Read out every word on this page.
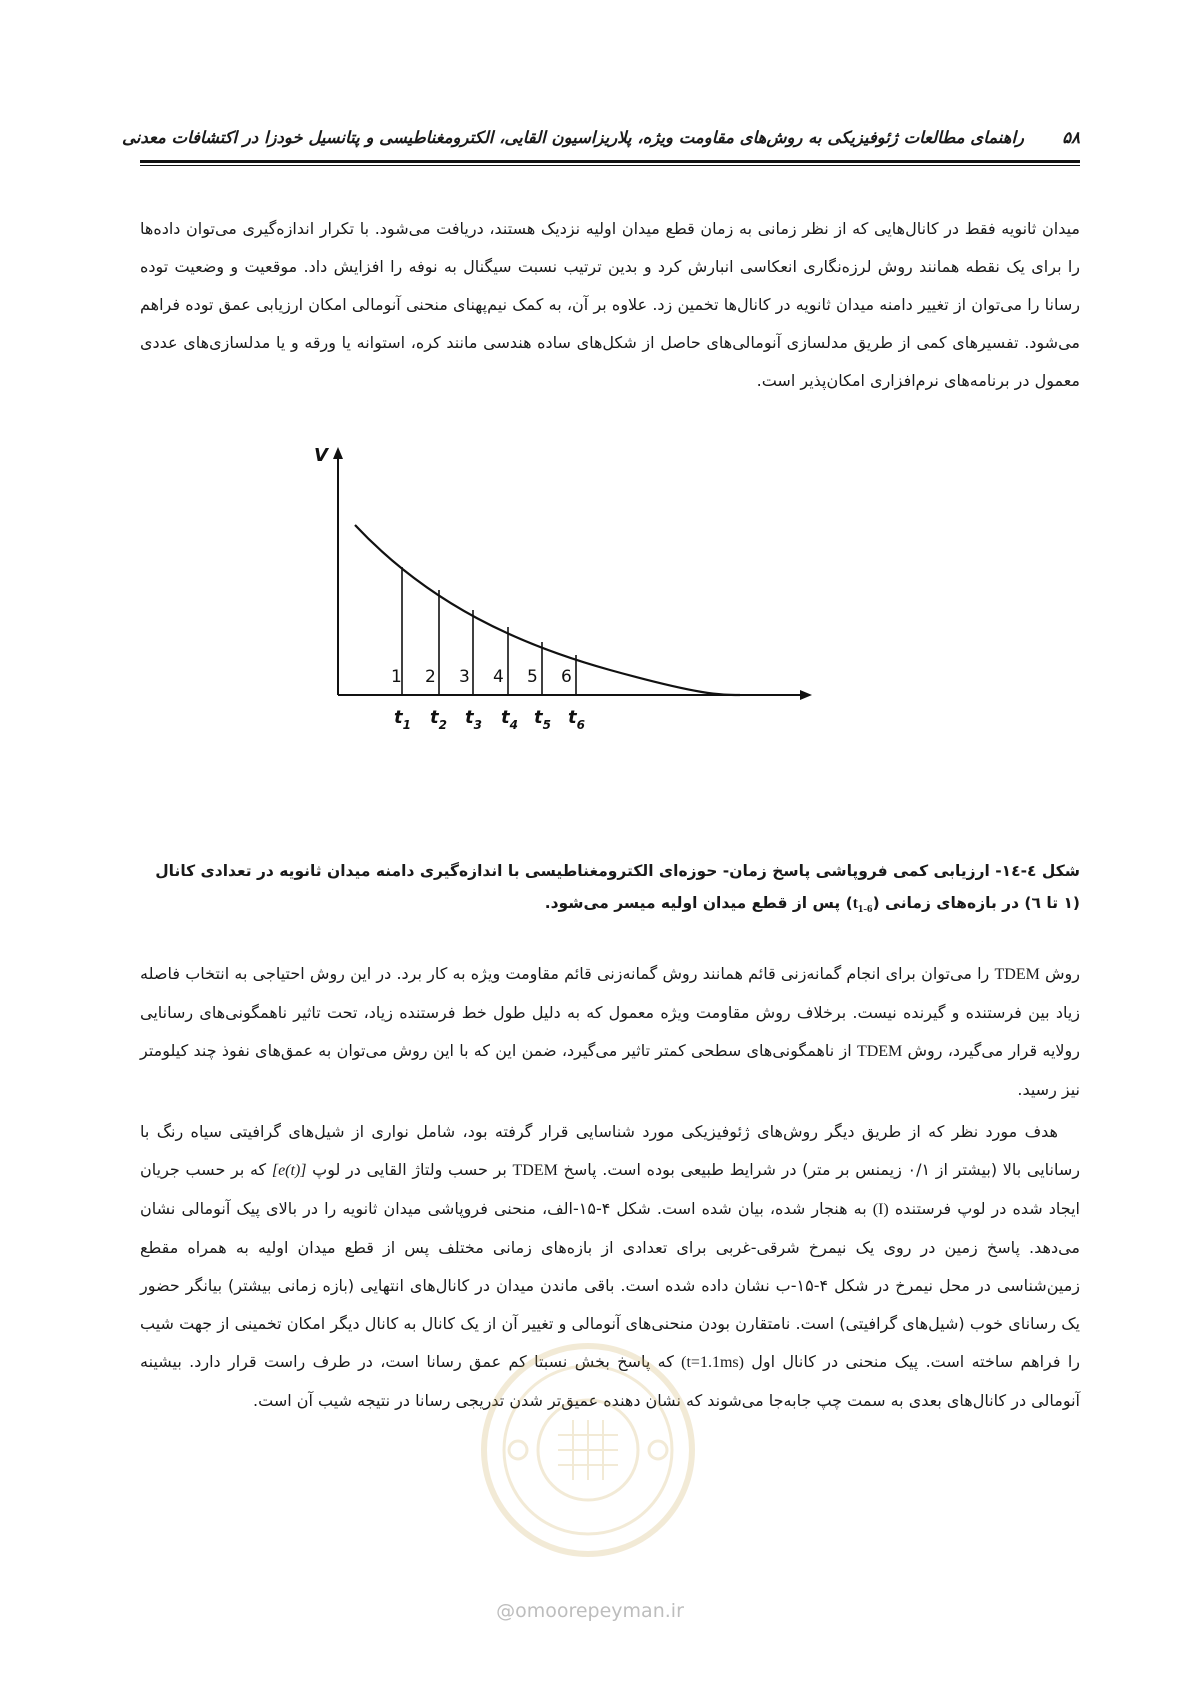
۵۸
راهنمای مطالعات ژئوفیزیکی به روش‌های مقاومت ویژه، پلاریزاسیون القایی، الکترومغناطیسی و پتانسیل خودزا در اکتشافات معدنی

میدان ثانویه فقط در کانال‌هایی که از نظر زمانی به زمان قطع میدان اولیه نزدیک هستند، دریافت می‌شود. با تکرار اندازه‌گیری می‌توان داده‌ها را برای یک نقطه همانند روش لرزه‌نگاری انعکاسی انبارش کرد و بدین ترتیب نسبت سیگنال به نوفه را افزایش داد. موقعیت و وضعیت توده رسانا را می‌توان از تغییر دامنه میدان ثانویه در کانال‌ها تخمین زد. علاوه بر آن، به کمک نیم‌پهنای منحنی آنومالی امکان ارزیابی عمق توده فراهم می‌شود. تفسیرهای کمی از طریق مدلسازی آنومالی‌های حاصل از شکل‌های ساده هندسی مانند کره، استوانه یا ورقه و یا مدلسازی‌های عددی معمول در برنامه‌های نرم‌افزاری امکان‌پذیر است.

V
1 2 3 4 5 6
$t_1$ $t_2$ $t_3$ $t_4$ $t_5$ $t_6$
شکل ٤-١٤- ارزیابی کمی فروپاشی پاسخ زمان- حوزه‌ای الکترومغناطیسی با اندازه‌گیری دامنه میدان ثانویه در تعدادی کانال (١ تا ٦) در بازه‌های زمانی $(t_{1-6})$ پس از قطع میدان اولیه میسر می‌شود.

روش TDEM را می‌توان برای انجام گمانه‌زنی قائم همانند روش گمانه‌زنی قائم مقاومت ویژه به کار برد. در این روش احتیاجی به انتخاب فاصله زیاد بین فرستنده و گیرنده نیست. برخلاف روش مقاومت ویژه معمول که به دلیل طول خط فرستنده زیاد، تحت تاثیر ناهمگونی‌های رسانایی رولایه قرار می‌گیرد، روش TDEM از ناهمگونی‌های سطحی کمتر تاثیر می‌گیرد، ضمن این که با این روش می‌توان به عمق‌های نفوذ چند کیلومتر نیز رسید.

هدف مورد نظر که از طریق دیگر روش‌های ژئوفیزیکی مورد شناسایی قرار گرفته بود، شامل نواری از شیل‌های گرافیتی سیاه رنگ با رسانایی بالا (بیشتر از ۰/۱ زیمنس بر متر) در شرایط طبیعی بوده است. پاسخ TDEM بر حسب ولتاژ القایی در لوپ [e(t)] که بر حسب جریان ایجاد شده در لوپ فرستنده (I) به هنجار شده، بیان شده است. شکل ۴-۱۵-الف، منحنی فروپاشی میدان ثانویه را در بالای پیک آنومالی نشان می‌دهد. پاسخ زمین در روی یک نیمرخ شرقی-غربی برای تعدادی از بازه‌های زمانی مختلف پس از قطع میدان اولیه به همراه مقطع زمین‌شناسی در محل نیمرخ در شکل ۴-۱۵-ب نشان داده شده است. باقی ماندن میدان در کانال‌های انتهایی (بازه زمانی بیشتر) بیانگر حضور یک رسانای خوب (شیل‌های گرافیتی) است. نامتقارن بودن منحنی‌های آنومالی و تغییر آن از یک کانال به کانال دیگر امکان تخمینی از جهت شیب را فراهم ساخته است. پیک منحنی در کانال اول (t=1.1ms) که پاسخ بخش نسبتا کم عمق رسانا است، در طرف راست قرار دارد. بیشینه آنومالی در کانال‌های بعدی به سمت چپ جابه‌جا می‌شوند که نشان دهنده عمیق‌تر شدن تدریجی رسانا در نتیجه شیب آن است.

@omoorepeyman.ir
